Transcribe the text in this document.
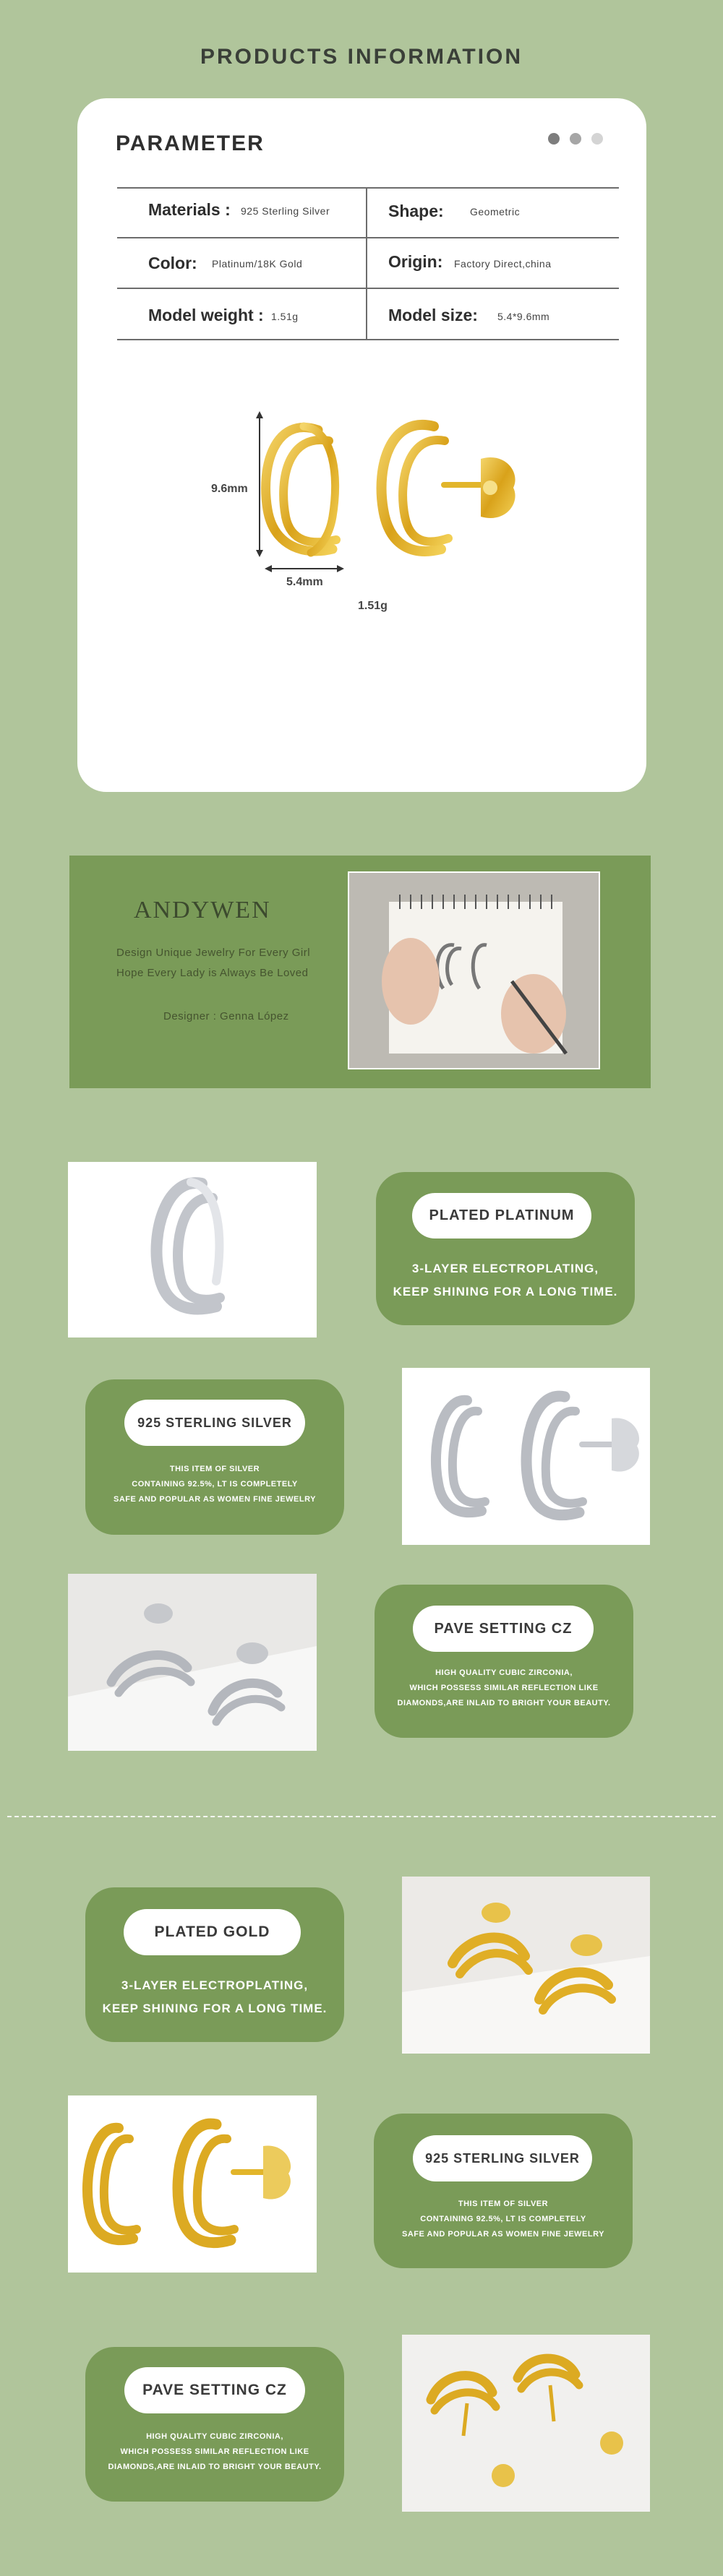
PRODUCTS INFORMATION
PARAMETER
Materials : 925 Sterling Silver	Shape:	Geometric
Color: Platinum/18K Gold	Origin: Factory Direct,china
Model weight : 1.51g	Model size: 5.4*9.6mm
9.6mm
5.4mm
1.51g
ANDYWEN
Design Unique Jewelry For Every Girl
Hope Every Lady is Always Be Loved
Designer : Genna López
PLATED PLATINUM
3-LAYER ELECTROPLATING,
KEEP SHINING FOR A LONG TIME.
925 STERLING SILVER
THIS ITEM OF SILVER
CONTAINING 92.5%, LT IS COMPLETELY
SAFE AND POPULAR AS WOMEN FINE JEWELRY
PAVE SETTING CZ
HIGH QUALITY CUBIC ZIRCONIA,
WHICH POSSESS SIMILAR REFLECTION LIKE
DIAMONDS,ARE INLAID TO BRIGHT YOUR BEAUTY.
PLATED GOLD
3-LAYER ELECTROPLATING,
KEEP SHINING FOR A LONG TIME.
925 STERLING SILVER
THIS ITEM OF SILVER
CONTAINING 92.5%, LT IS COMPLETELY
SAFE AND POPULAR AS WOMEN FINE JEWELRY
PAVE SETTING CZ
HIGH QUALITY CUBIC ZIRCONIA,
WHICH POSSESS SIMILAR REFLECTION LIKE
DIAMONDS,ARE INLAID TO BRIGHT YOUR BEAUTY.
